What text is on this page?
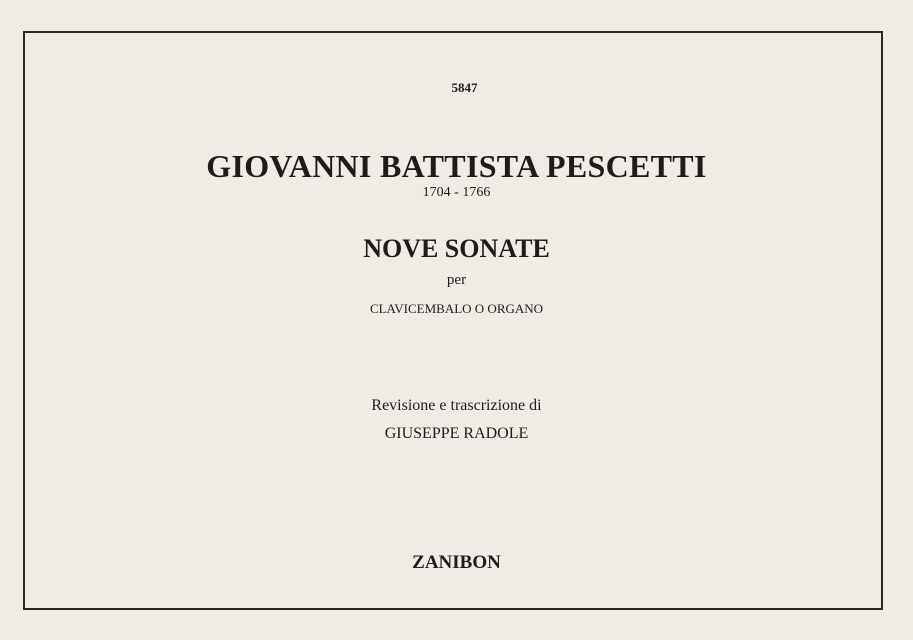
5847
GIOVANNI BATTISTA PESCETTI
1704 - 1766
NOVE SONATE
per
CLAVICEMBALO O ORGANO
Revisione e trascrizione di
GIUSEPPE RADOLE
ZANIBON
